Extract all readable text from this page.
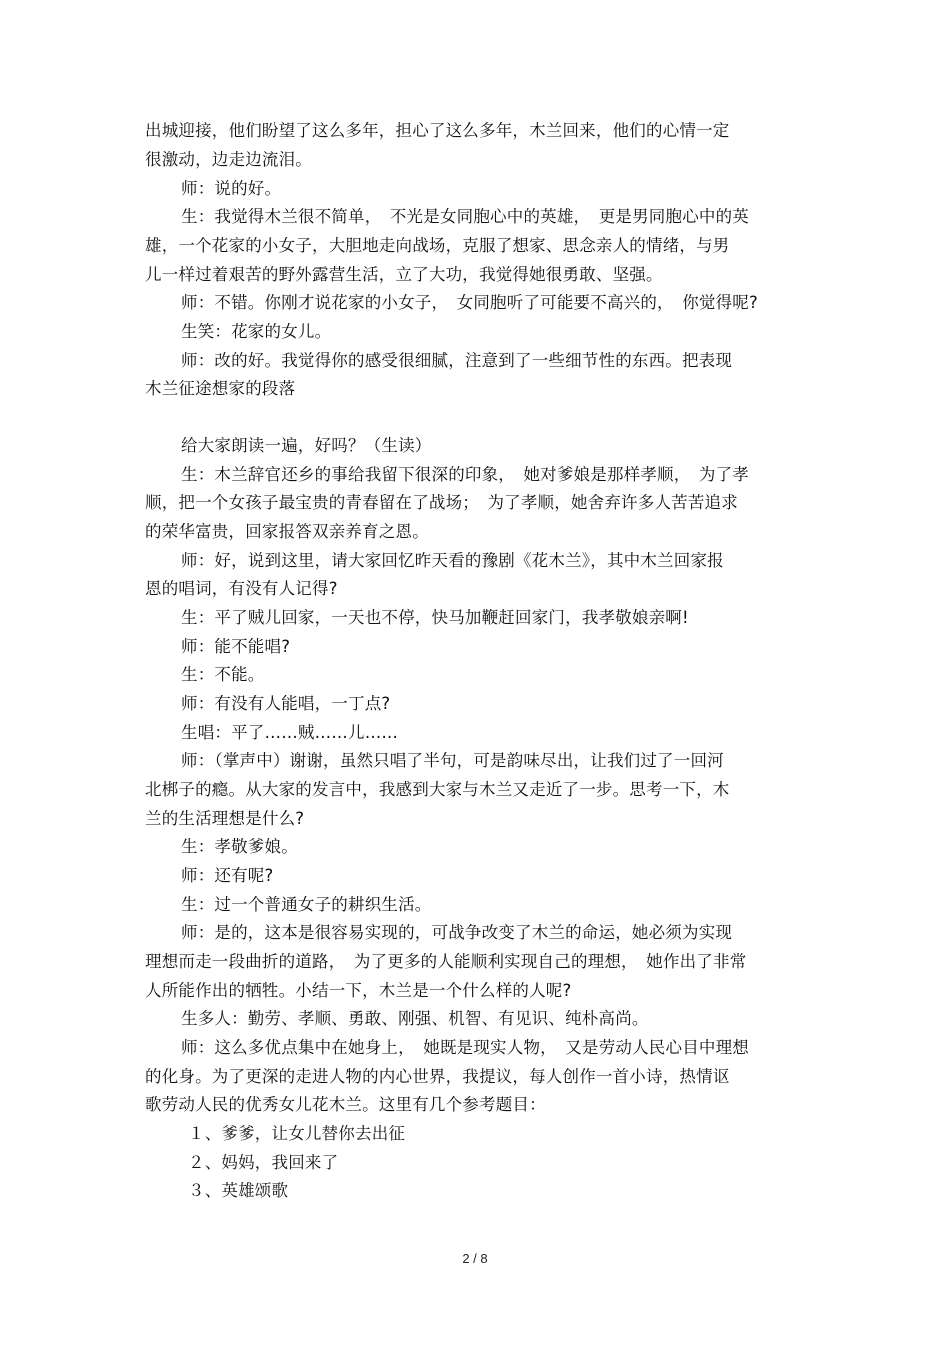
出城迎接，他们盼望了这么多年，担心了这么多年，木兰回来，他们的心情一定
很激动，边走边流泪。
师：说的好。
生：我觉得木兰很不简单，　不光是女同胞心中的英雄，　更是男同胞心中的英
雄，一个花家的小女子，大胆地走向战场，克服了想家、思念亲人的情绪，与男
儿一样过着艰苦的野外露营生活，立了大功，我觉得她很勇敢、坚强。
师：不错。你刚才说花家的小女子，　女同胞听了可能要不高兴的，　你觉得呢?
生笑：花家的女儿。
师：改的好。我觉得你的感受很细腻，注意到了一些细节性的东西。把表现
木兰征途想家的段落
给大家朗读一遍，好吗？（生读）
生：木兰辞官还乡的事给我留下很深的印象，　她对爹娘是那样孝顺，　为了孝
顺，把一个女孩子最宝贵的青春留在了战场；　为了孝顺，她舍弃许多人苦苦追求
的荣华富贵，回家报答双亲养育之恩。
师：好，说到这里，请大家回忆昨天看的豫剧《花木兰》，其中木兰回家报
恩的唱词，有没有人记得?
生：平了贼儿回家，一天也不停，快马加鞭赶回家门，我孝敬娘亲啊!
师：能不能唱?
生：不能。
师：有没有人能唱，一丁点?
生唱：平了……贼……儿……
师：（掌声中）谢谢，虽然只唱了半句，可是韵味尽出，让我们过了一回河
北梆子的瘾。从大家的发言中，我感到大家与木兰又走近了一步。思考一下，木
兰的生活理想是什么?
生：孝敬爹娘。
师：还有呢?
生：过一个普通女子的耕织生活。
师：是的，这本是很容易实现的，可战争改变了木兰的命运，她必须为实现
理想而走一段曲折的道路，　为了更多的人能顺利实现自己的理想，　她作出了非常
人所能作出的牺牲。小结一下，木兰是一个什么样的人呢?
生多人：勤劳、孝顺、勇敢、刚强、机智、有见识、纯朴高尚。
师：这么多优点集中在她身上，　她既是现实人物，　又是劳动人民心目中理想
的化身。为了更深的走进人物的内心世界，我提议，每人创作一首小诗，热情讴
歌劳动人民的优秀女儿花木兰。这里有几个参考题目：
１、爹爹，让女儿替你去出征
２、妈妈，我回来了
３、英雄颂歌
2 / 8
